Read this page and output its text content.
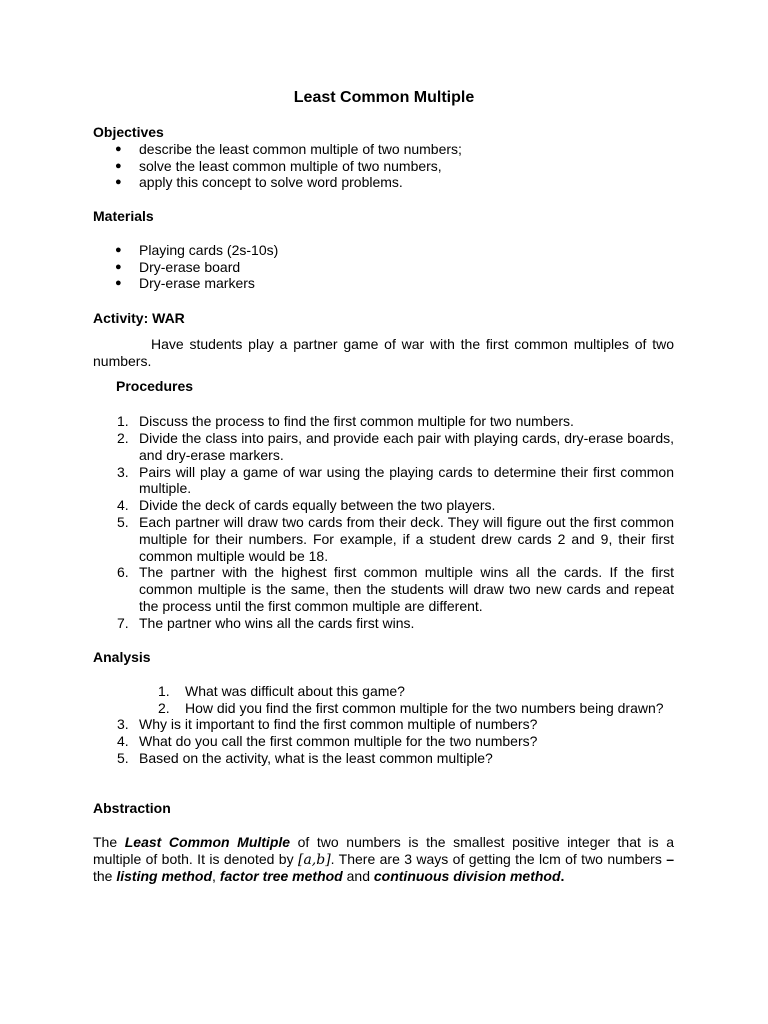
Least Common Multiple
Objectives
● describe the least common multiple of two numbers;
● solve the least common multiple of two numbers,
● apply this concept to solve word problems.
Materials
● Playing cards (2s-10s)
● Dry-erase board
● Dry-erase markers
Activity: WAR
Have students play a partner game of war with the first common multiples of two numbers.
Procedures
1. Discuss the process to find the first common multiple for two numbers.
2. Divide the class into pairs, and provide each pair with playing cards, dry-erase boards, and dry-erase markers.
3. Pairs will play a game of war using the playing cards to determine their first common multiple.
4. Divide the deck of cards equally between the two players.
5. Each partner will draw two cards from their deck. They will figure out the first common multiple for their numbers. For example, if a student drew cards 2 and 9, their first common multiple would be 18.
6. The partner with the highest first common multiple wins all the cards. If the first common multiple is the same, then the students will draw two new cards and repeat the process until the first common multiple are different.
7. The partner who wins all the cards first wins.
Analysis
1.	What was difficult about this game?
2.	How did you find the first common multiple for the two numbers being drawn?
3. Why is it important to find the first common multiple of numbers?
4. What do you call the first common multiple for the two numbers?
5. Based on the activity, what is the least common multiple?
Abstraction
The Least Common Multiple of two numbers is the smallest positive integer that is a multiple of both. It is denoted by [a,b]. There are 3 ways of getting the lcm of two numbers – the listing method, factor tree method and continuous division method.
